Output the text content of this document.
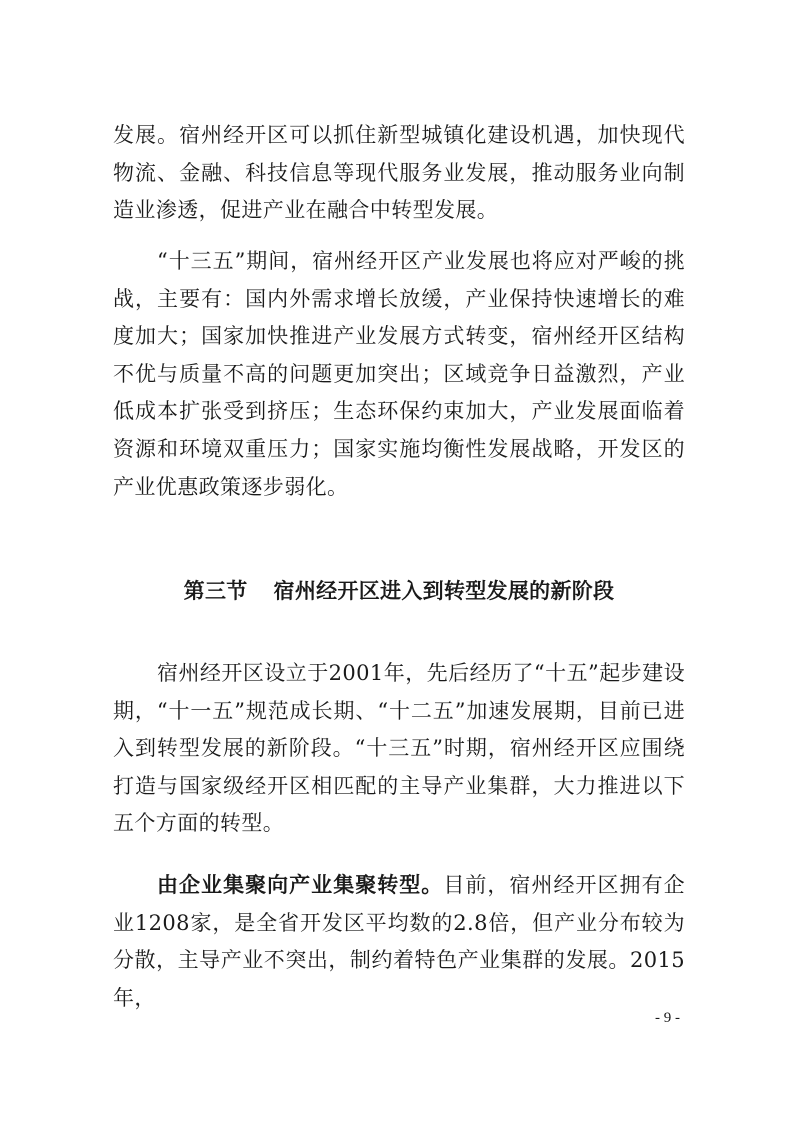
发展。宿州经开区可以抓住新型城镇化建设机遇，加快现代物流、金融、科技信息等现代服务业发展，推动服务业向制造业渗透，促进产业在融合中转型发展。

“十三五”期间，宿州经开区产业发展也将应对严峻的挑战，主要有：国内外需求增长放缓，产业保持快速增长的难度加大；国家加快推进产业发展方式转变，宿州经开区结构不优与质量不高的问题更加突出；区域竞争日益激烈，产业低成本扩张受到挤压；生态环保约束加大，产业发展面临着资源和环境双重压力；国家实施均衡性发展战略，开发区的产业优惠政策逐步弱化。

第三节 宿州经开区进入到转型发展的新阶段

宿州经开区设立于2001年，先后经历了“十五”起步建设期，“十一五”规范成长期、“十二五”加速发展期，目前已进入到转型发展的新阶段。“十三五”时期，宿州经开区应围绕打造与国家级经开区相匹配的主导产业集群，大力推进以下五个方面的转型。

由企业集聚向产业集聚转型。目前，宿州经开区拥有企业1208家，是全省开发区平均数的2.8倍，但产业分布较为分散，主导产业不突出，制约着特色产业集群的发展。2015年，

- 9 -
